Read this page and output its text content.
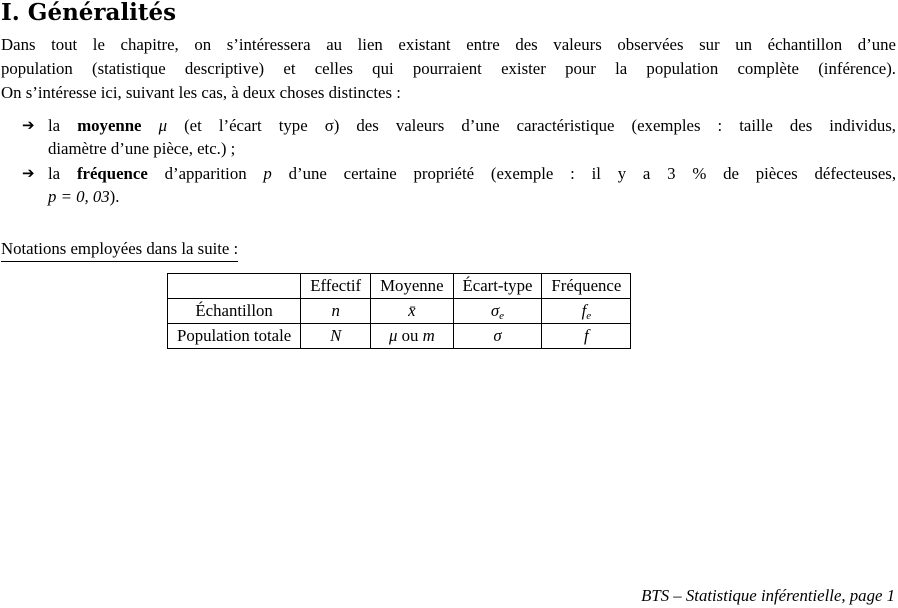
I. Généralités

Dans tout le chapitre, on s’intéressera au lien existant entre des valeurs observées sur un échantillon d’une

population (statistique descriptive) et celles qui pourraient exister pour la population complète (inférence).

On s’intéresse ici, suivant les cas, à deux choses distinctes :

➔ la moyenne μ (et l’écart type σ) des valeurs d’une caractéristique (exemples : taille des individus,
diamètre d’une pièce, etc.) ;
➔ la fréquence d’apparition p d’une certaine propriété (exemple : il y a 3 % de pièces défecteuses,
p = 0, 03).
Notations employées dans la suite :
	Effectif	Moyenne	Écart-type	Fréquence
Échantillon	n	x̄	$\sigma_e$	$f_e$
Population totale	N	μ ou m	σ	f
BTS – Statistique inférentielle, page 1
